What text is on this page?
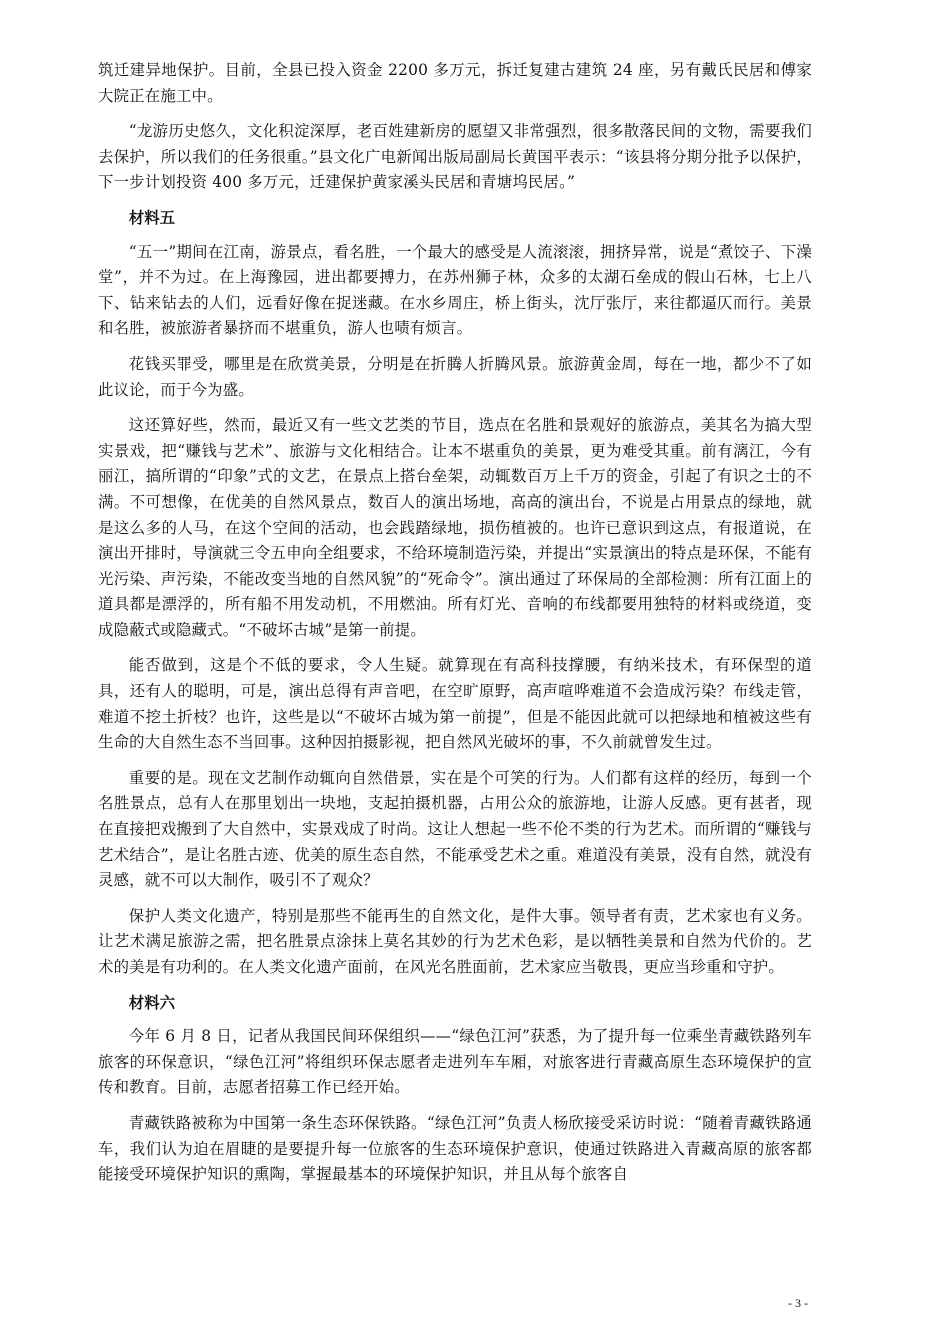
筑迁建异地保护。目前，全县已投入资金 2200 多万元，拆迁复建古建筑 24 座，另有戴氏民居和傅家大院正在施工中。

“龙游历史悠久，文化积淀深厚，老百姓建新房的愿望又非常强烈，很多散落民间的文物，需要我们去保护，所以我们的任务很重。”县文化广电新闻出版局副局长黄国平表示：“该县将分期分批予以保护，下一步计划投资 400 多万元，迁建保护黄家溪头民居和青塘坞民居。”

材料五

“五一”期间在江南，游景点，看名胜，一个最大的感受是人流滚滚，拥挤异常，说是“煮饺子、下澡堂”，并不为过。在上海豫园，进出都要搏力，在苏州狮子林，众多的太湖石垒成的假山石林，七上八下、钻来钻去的人们，远看好像在捉迷藏。在水乡周庄，桥上街头，沈厅张厅，来往都逼仄而行。美景和名胜，被旅游者暴挤而不堪重负，游人也啧有烦言。

花钱买罪受，哪里是在欣赏美景，分明是在折腾人折腾风景。旅游黄金周，每在一地，都少不了如此议论，而于今为盛。

这还算好些，然而，最近又有一些文艺类的节目，选点在名胜和景观好的旅游点，美其名为搞大型实景戏，把“赚钱与艺术”、旅游与文化相结合。让本不堪重负的美景，更为难受其重。前有漓江，今有丽江，搞所谓的“印象”式的文艺，在景点上搭台垒架，动辄数百万上千万的资金，引起了有识之士的不满。不可想像，在优美的自然风景点，数百人的演出场地，高高的演出台，不说是占用景点的绿地，就是这么多的人马，在这个空间的活动，也会践踏绿地，损伤植被的。也许已意识到这点，有报道说，在演出开排时，导演就三令五申向全组要求，不给环境制造污染，并提出“实景演出的特点是环保，不能有光污染、声污染，不能改变当地的自然风貌”的“死命令”。演出通过了环保局的全部检测：所有江面上的道具都是漂浮的，所有船不用发动机，不用燃油。所有灯光、音响的布线都要用独特的材料或绕道，变成隐蔽式或隐藏式。“不破坏古城”是第一前提。

能否做到，这是个不低的要求，令人生疑。就算现在有高科技撑腰，有纳米技术，有环保型的道具，还有人的聪明，可是，演出总得有声音吧，在空旷原野，高声喧哗难道不会造成污染？布线走管，难道不挖土折枝？也许，这些是以“不破坏古城为第一前提”，但是不能因此就可以把绿地和植被这些有生命的大自然生态不当回事。这种因拍摄影视，把自然风光破坏的事，不久前就曾发生过。

重要的是。现在文艺制作动辄向自然借景，实在是个可笑的行为。人们都有这样的经历，每到一个名胜景点，总有人在那里划出一块地，支起拍摄机器，占用公众的旅游地，让游人反感。更有甚者，现在直接把戏搬到了大自然中，实景戏成了时尚。这让人想起一些不伦不类的行为艺术。而所谓的“赚钱与艺术结合”，是让名胜古迹、优美的原生态自然，不能承受艺术之重。难道没有美景，没有自然，就没有灵感，就不可以大制作，吸引不了观众？

保护人类文化遗产，特别是那些不能再生的自然文化，是件大事。领导者有责，艺术家也有义务。让艺术满足旅游之需，把名胜景点涂抹上莫名其妙的行为艺术色彩，是以牺牲美景和自然为代价的。艺术的美是有功利的。在人类文化遗产面前，在风光名胜面前，艺术家应当敬畏，更应当珍重和守护。

材料六

今年 6 月 8 日，记者从我国民间环保组织——“绿色江河”获悉，为了提升每一位乘坐青藏铁路列车旅客的环保意识，“绿色江河”将组织环保志愿者走进列车车厢，对旅客进行青藏高原生态环境保护的宣传和教育。目前，志愿者招募工作已经开始。

青藏铁路被称为中国第一条生态环保铁路。“绿色江河”负责人杨欣接受采访时说：“随着青藏铁路通车，我们认为迫在眉睫的是要提升每一位旅客的生态环境保护意识，使通过铁路进入青藏高原的旅客都能接受环境保护知识的熏陶，掌握最基本的环境保护知识，并且从每个旅客自

- 3 -
